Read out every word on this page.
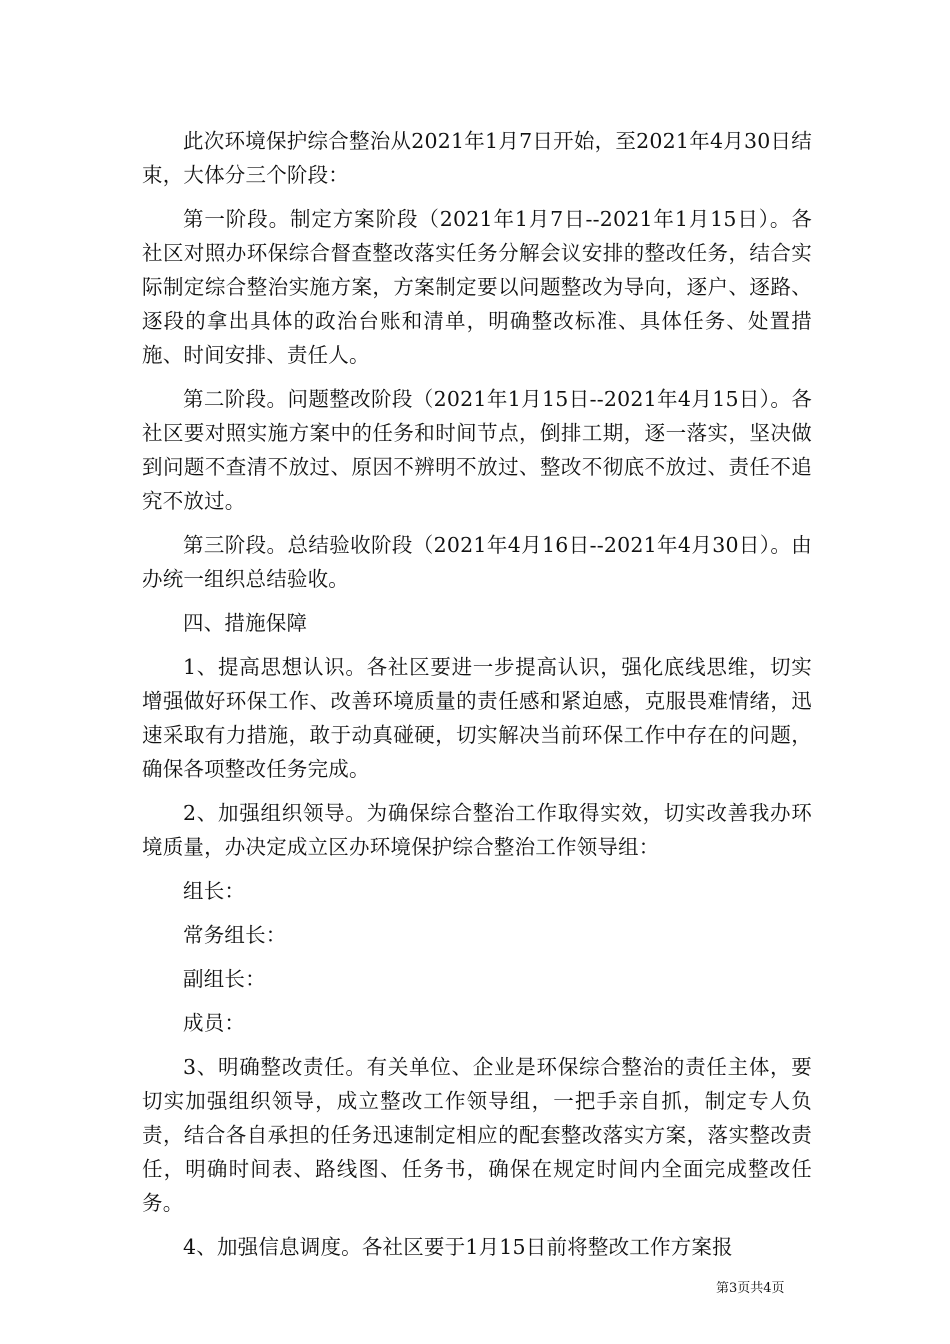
此次环境保护综合整治从2021年1月7日开始，至2021年4月30日结束，大体分三个阶段：

第一阶段。制定方案阶段（2021年1月7日--2021年1月15日）。各社区对照办环保综合督查整改落实任务分解会议安排的整改任务，结合实际制定综合整治实施方案，方案制定要以问题整改为导向，逐户、逐路、逐段的拿出具体的政治台账和清单，明确整改标准、具体任务、处置措施、时间安排、责任人。

第二阶段。问题整改阶段（2021年1月15日--2021年4月15日）。各社区要对照实施方案中的任务和时间节点，倒排工期，逐一落实，坚决做到问题不查清不放过、原因不辨明不放过、整改不彻底不放过、责任不追究不放过。

第三阶段。总结验收阶段（2021年4月16日--2021年4月30日）。由办统一组织总结验收。

四、措施保障

1、提高思想认识。各社区要进一步提高认识，强化底线思维，切实增强做好环保工作、改善环境质量的责任感和紧迫感，克服畏难情绪，迅速采取有力措施，敢于动真碰硬，切实解决当前环保工作中存在的问题，确保各项整改任务完成。

2、加强组织领导。为确保综合整治工作取得实效，切实改善我办环境质量，办决定成立区办环境保护综合整治工作领导组：

组长：

常务组长：

副组长：

成员：

3、明确整改责任。有关单位、企业是环保综合整治的责任主体，要切实加强组织领导，成立整改工作领导组，一把手亲自抓，制定专人负责，结合各自承担的任务迅速制定相应的配套整改落实方案，落实整改责任，明确时间表、路线图、任务书，确保在规定时间内全面完成整改任务。

4、加强信息调度。各社区要于1月15日前将整改工作方案报

第3页共4页
